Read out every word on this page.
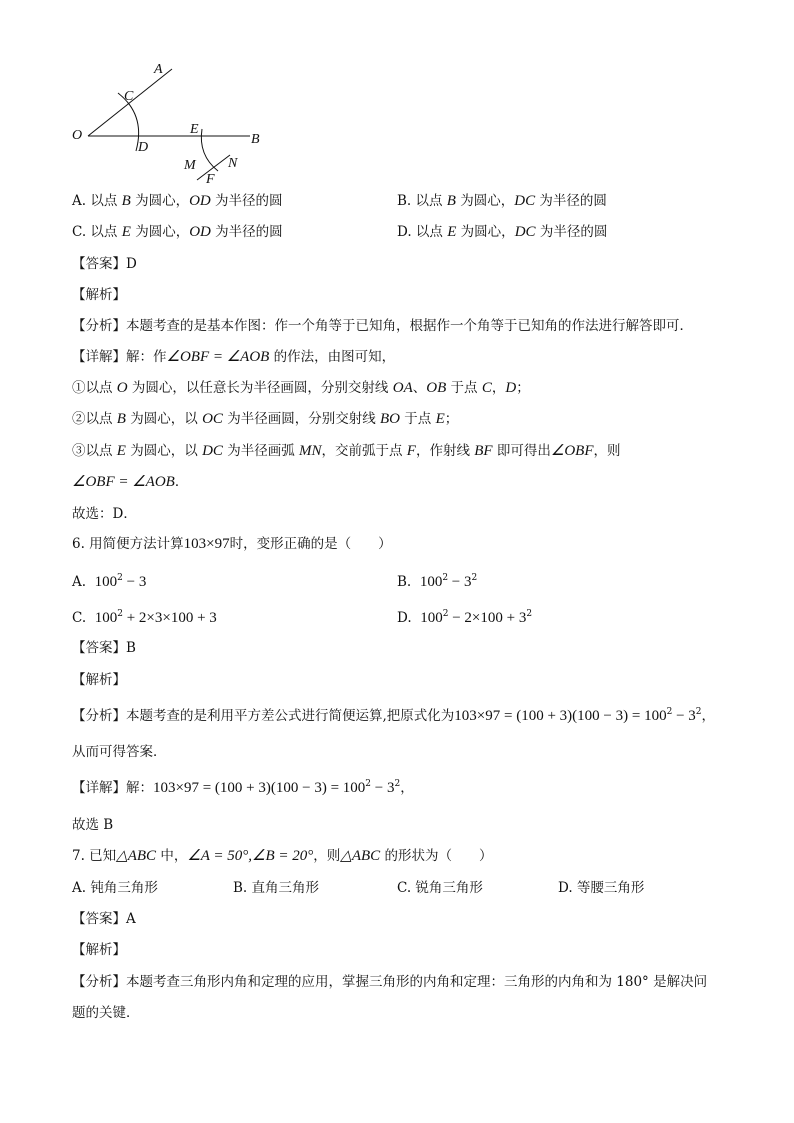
A
C
O
D
E
B
M N
F
A. 以点 B 为圆心，OD 为半径的圆	B. 以点 B 为圆心，DC 为半径的圆
C. 以点 E 为圆心，OD 为半径的圆	D. 以点 E 为圆心，DC 为半径的圆
【答案】D
【解析】
【分析】本题考查的是基本作图：作一个角等于已知角，根据作一个角等于已知角的作法进行解答即可．
【详解】解：作∠OBF = ∠AOB 的作法，由图可知，
①以点 O 为圆心，以任意长为半径画圆，分别交射线 OA、OB 于点 C，D；
②以点 B 为圆心，以 OC 为半径画圆，分别交射线 BO 于点 E；
③以点 E 为圆心，以 DC 为半径画弧 MN，交前弧于点 F，作射线 BF 即可得出∠OBF，则
∠OBF = ∠AOB．
故选：D．
6. 用简便方法计算103×97时，变形正确的是（　　）
A. $100^2 - 3$	B. $100^2 - 3^2$
C. $100^2 + 2\times 3\times 100 + 3$	D. $100^2 - 2\times 100 + 3^2$
【答案】B
【解析】
【分析】本题考查的是利用平方差公式进行简便运算,把原式化为$103\times 97 = (100 + 3)(100 - 3) = 100^2 - 3^2$，
从而可得答案．
【详解】解：$103\times 97 = (100 + 3)(100 - 3) = 100^2 - 3^2$，
故选 B
7. 已知△ABC 中，∠A = 50°,∠B = 20°，则△ABC 的形状为（　　）
A. 钝角三角形	B. 直角三角形	C. 锐角三角形	D. 等腰三角形
【答案】A
【解析】
【分析】本题考查三角形内角和定理的应用，掌握三角形的内角和定理：三角形的内角和为 180° 是解决问
题的关键．
